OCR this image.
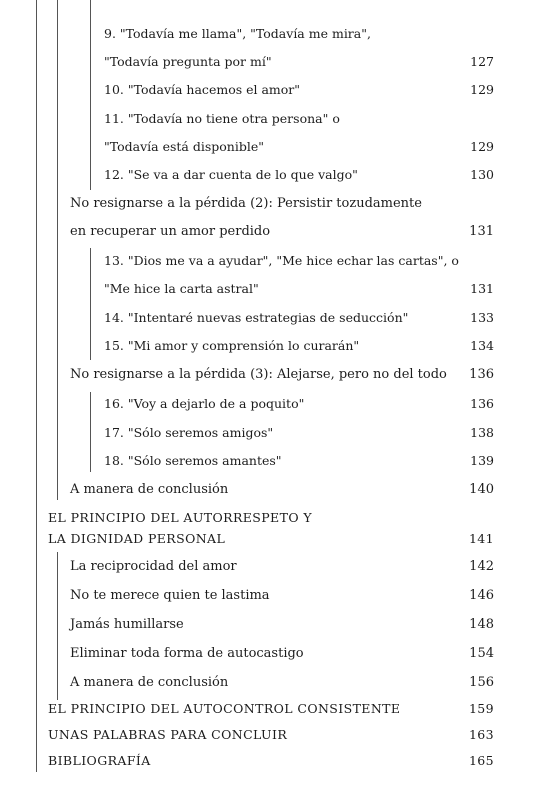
9. "Todavía me llama", "Todavía me mira",
"Todavía pregunta por mí"	127
10. "Todavía hacemos el amor"	129
11. "Todavía no tiene otra persona" o
"Todavía está disponible"	129
12. "Se va a dar cuenta de lo que valgo"	130
No resignarse a la pérdida (2): Persistir tozudamente
en recuperar un amor perdido	131
13. "Dios me va a ayudar", "Me hice echar las cartas", o
"Me hice la carta astral"	131
14. "Intentaré nuevas estrategias de seducción"	133
15. "Mi amor y comprensión lo curarán"	134
No resignarse a la pérdida (3): Alejarse, pero no del todo 136
16. "Voy a dejarlo de a poquito"	136
17. "Sólo seremos amigos"	138
18. "Sólo seremos amantes"	139
A manera de conclusión	140
EL PRINCIPIO DEL AUTORRESPETO Y
LA DIGNIDAD PERSONAL	141
La reciprocidad del amor	142
No te merece quien te lastima	146
Jamás humillarse	148
Eliminar toda forma de autocastigo	154
A manera de conclusión	156
EL PRINCIPIO DEL AUTOCONTROL CONSISTENTE	159
UNAS PALABRAS PARA CONCLUIR	163
BIBLIOGRAFÍA	165
